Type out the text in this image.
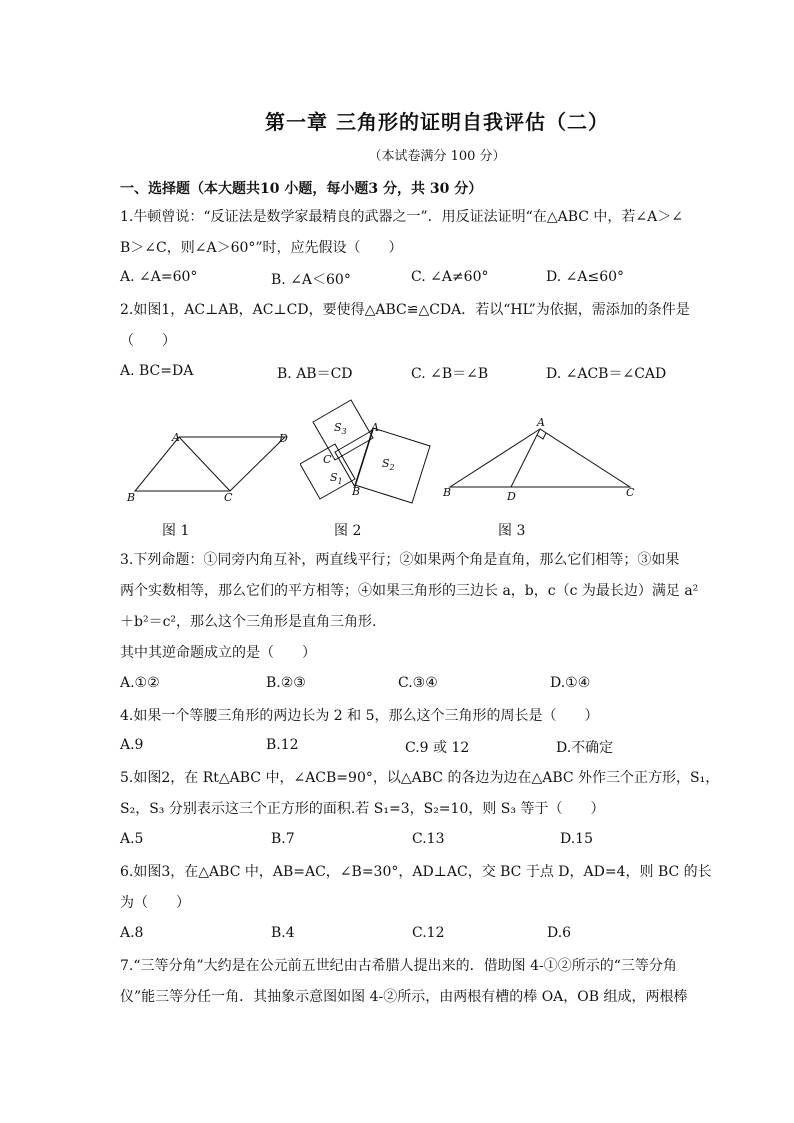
第一章 三角形的证明自我评估（二）
（本试卷满分 100 分）
一、选择题（本大题共10 小题，每小题3 分，共 30 分）
1.牛顿曾说：“反证法是数学家最精良的武器之一”．用反证法证明“在△ABC 中，若∠A＞∠
B＞∠C，则∠A＞60°”时，应先假设（　　）
A. ∠A=60°	B. ∠A＜60°	C. ∠A≠60°	D. ∠A≤60°
2.如图1，AC⊥AB，AC⊥CD，要使得△ABC≌△CDA．若以“HL”为依据，需添加的条件是
（　　）
A. BC=DA	B. AB＝CD	C. ∠B＝∠B	D. ∠ACB＝∠CAD
A	D
B	C
图 1
$S_3$ A
C	$S_2$
$S_1$
B
图 2
A
B	D	C
图 3
3.下列命题：①同旁内角互补，两直线平行；②如果两个角是直角，那么它们相等；③如果
两个实数相等，那么它们的平方相等；④如果三角形的三边长 a，b，c（c 为最长边）满足 a²
＋b²＝c²，那么这个三角形是直角三角形.
其中其逆命题成立的是（　　）
A.①②	B.②③	C.③④	D.①④
4.如果一个等腰三角形的两边长为 2 和 5，那么这个三角形的周长是（　　）
A.9	B.12	C.9 或 12	D.不确定
5.如图2，在 Rt△ABC 中，∠ACB=90°，以△ABC 的各边为边在△ABC 外作三个正方形，S₁，
S₂，S₃ 分别表示这三个正方形的面积.若 S₁=3，S₂=10，则 S₃ 等于（　　）
A.5	B.7	C.13	D.15
6.如图3，在△ABC 中，AB=AC，∠B=30°，AD⊥AC，交 BC 于点 D，AD=4，则 BC 的长
为（　　）
A.8	B.4	C.12	D.6
7.“三等分角”大约是在公元前五世纪由古希腊人提出来的．借助图 4-①②所示的“三等分角
仪”能三等分任一角．其抽象示意图如图 4-②所示，由两根有槽的棒 OA，OB 组成，两根棒
